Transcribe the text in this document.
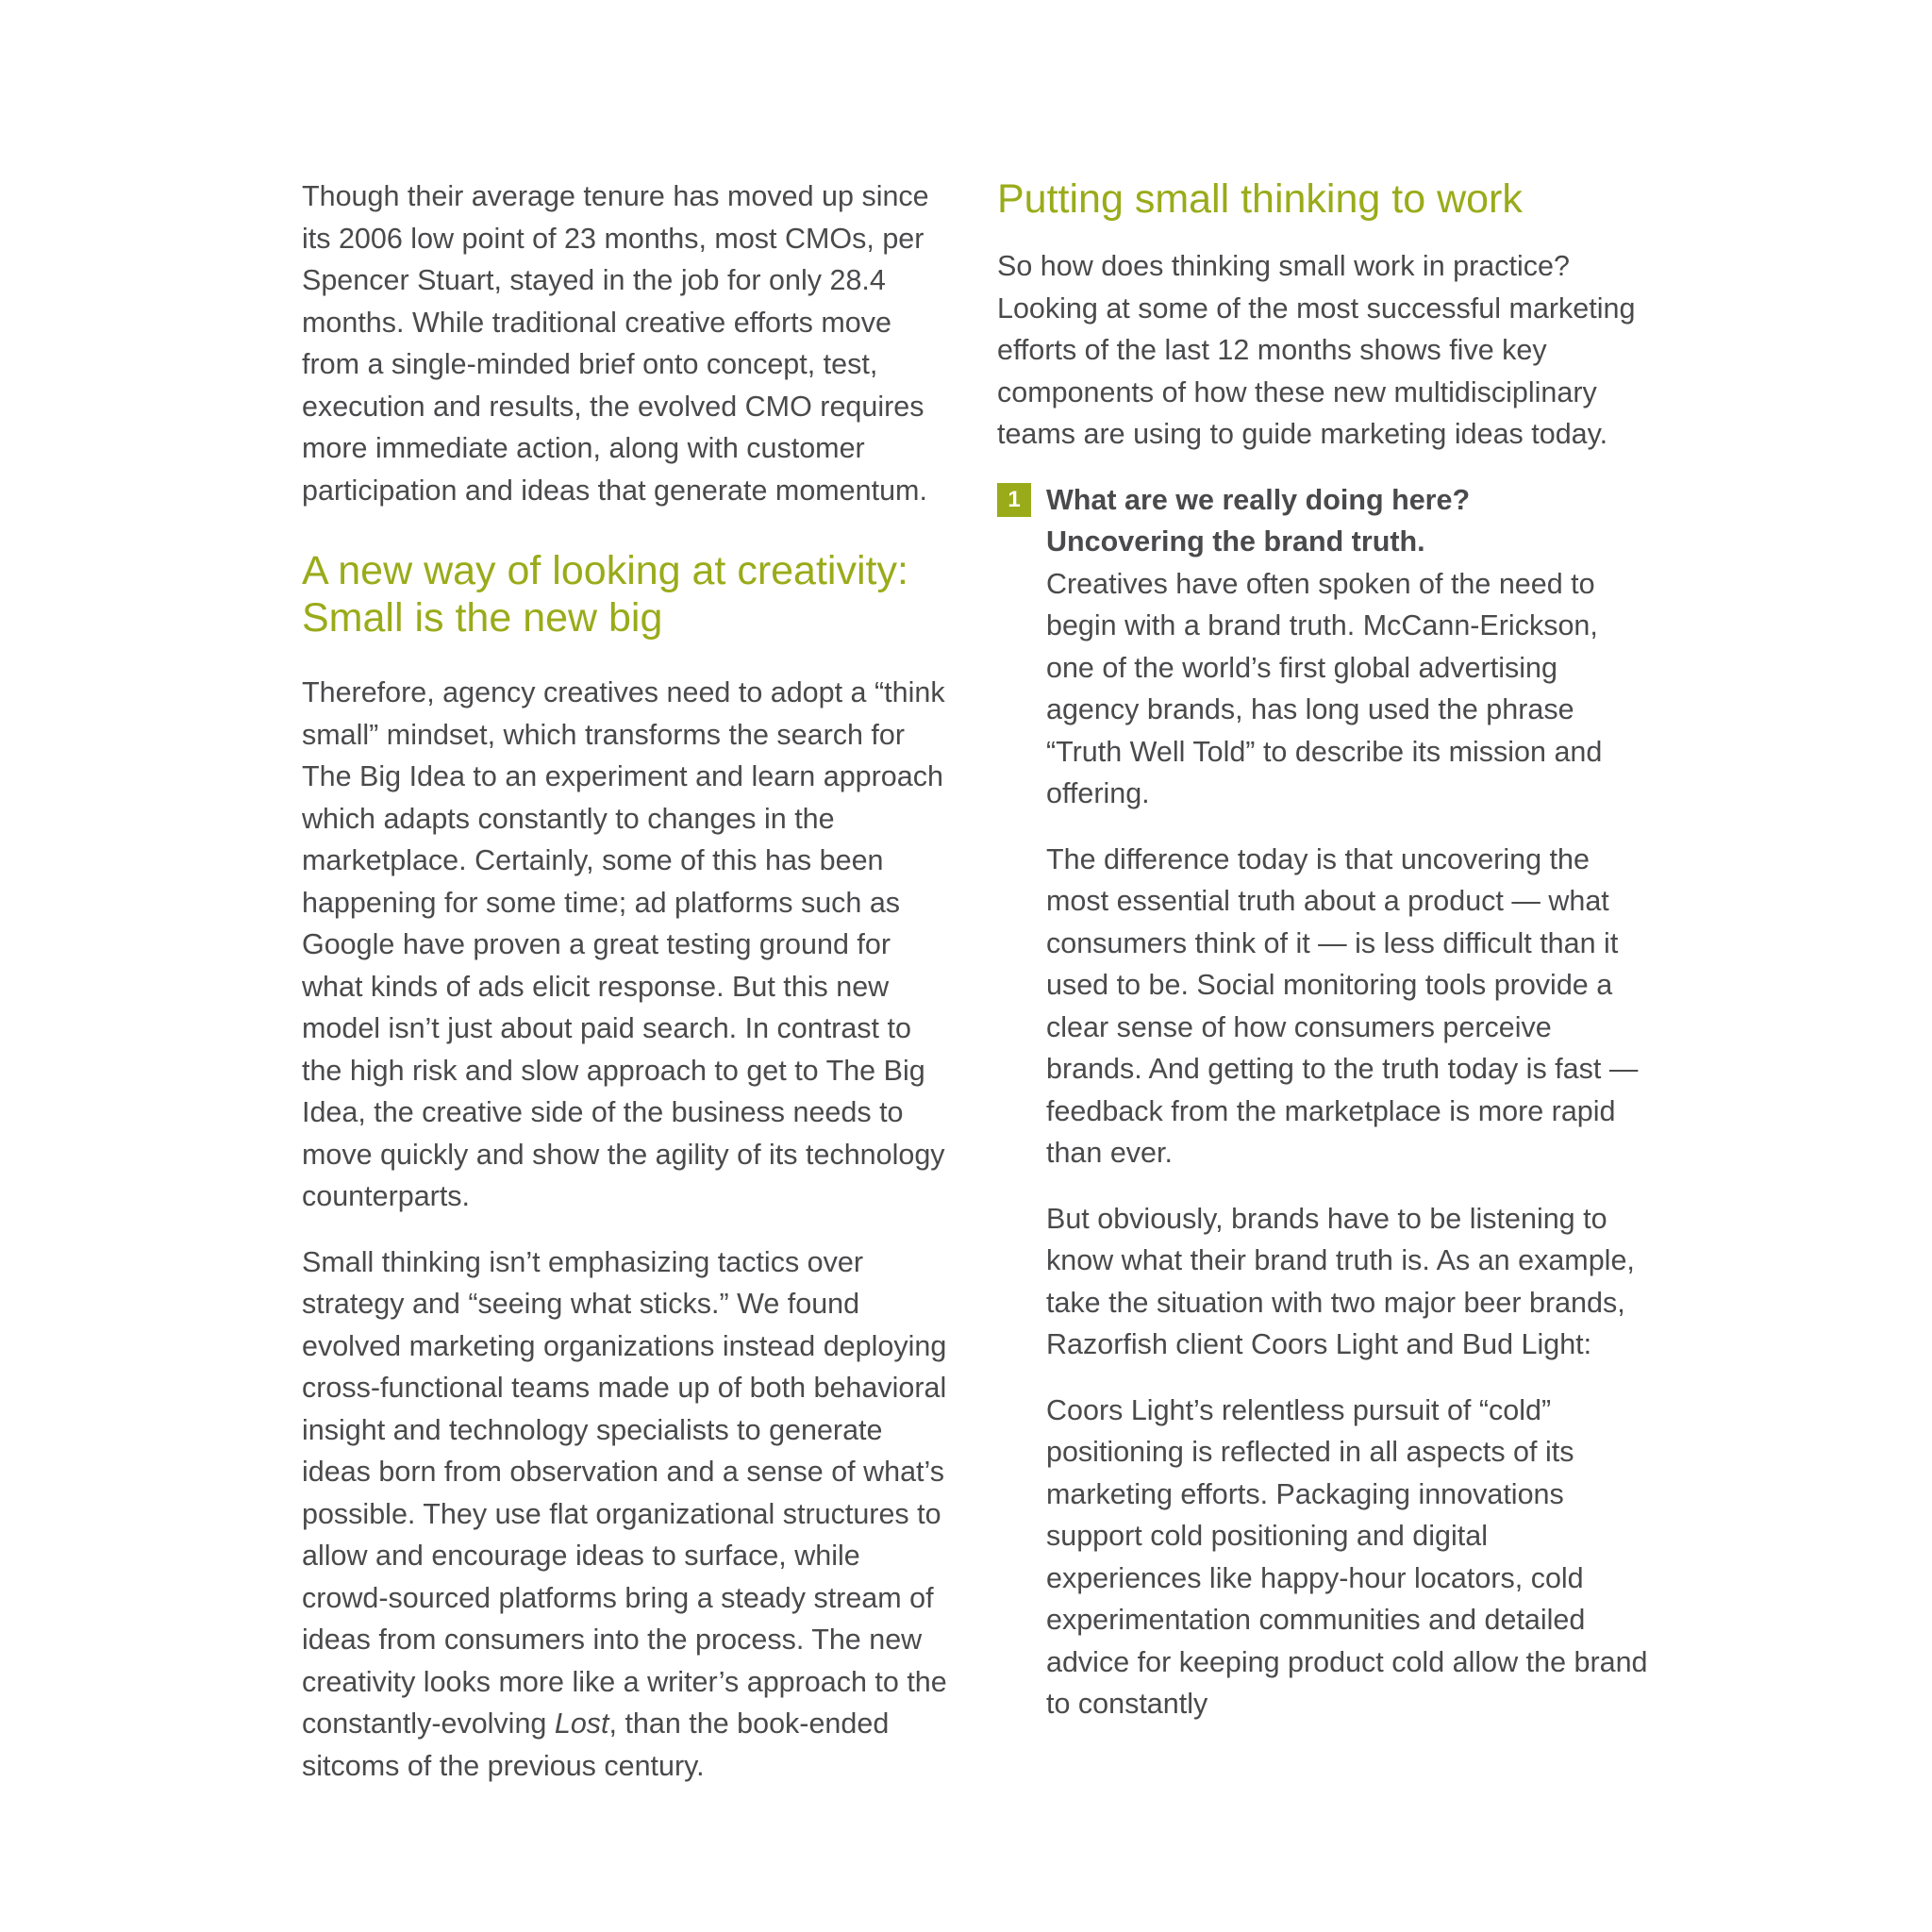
Though their average tenure has moved up since its 2006 low point of 23 months, most CMOs, per Spencer Stuart, stayed in the job for only 28.4 months. While traditional creative efforts move from a single-minded brief onto concept, test, execution and results, the evolved CMO requires more immediate action, along with customer participation and ideas that generate momentum.

A new way of looking at creativity: Small is the new big

Therefore, agency creatives need to adopt a “think small” mindset, which transforms the search for The Big Idea to an experiment and learn approach which adapts constantly to changes in the marketplace. Certainly, some of this has been happening for some time; ad platforms such as Google have proven a great testing ground for what kinds of ads elicit response. But this new model isn’t just about paid search. In contrast to the high risk and slow approach to get to The Big Idea, the creative side of the business needs to move quickly and show the agility of its technology counterparts.

Small thinking isn’t emphasizing tactics over strategy and “seeing what sticks.” We found evolved marketing organizations instead deploying cross-functional teams made up of both behavioral insight and technology specialists to generate ideas born from observation and a sense of what’s possible. They use flat organizational structures to allow and encourage ideas to surface, while crowd-sourced platforms bring a steady stream of ideas from consumers into the process. The new creativity looks more like a writer’s approach to the constantly-evolving Lost, than the book-ended sitcoms of the previous century.

Putting small thinking to work

So how does thinking small work in practice? Looking at some of the most successful marketing efforts of the last 12 months shows five key components of how these new multidisciplinary teams are using to guide marketing ideas today.

1 What are we really doing here?
Uncovering the brand truth.

Creatives have often spoken of the need to begin with a brand truth. McCann-Erickson, one of the world’s first global advertising agency brands, has long used the phrase “Truth Well Told” to describe its mission and offering.

The difference today is that uncovering the most essential truth about a product — what consumers think of it — is less difficult than it used to be. Social monitoring tools provide a clear sense of how consumers perceive brands. And getting to the truth today is fast — feedback from the marketplace is more rapid than ever.

But obviously, brands have to be listening to know what their brand truth is. As an example, take the situation with two major beer brands, Razorfish client Coors Light and Bud Light:

Coors Light’s relentless pursuit of “cold” positioning is reflected in all aspects of its marketing efforts. Packaging innovations support cold positioning and digital experiences like happy-hour locators, cold experimentation communities and detailed advice for keeping product cold allow the brand to constantly
